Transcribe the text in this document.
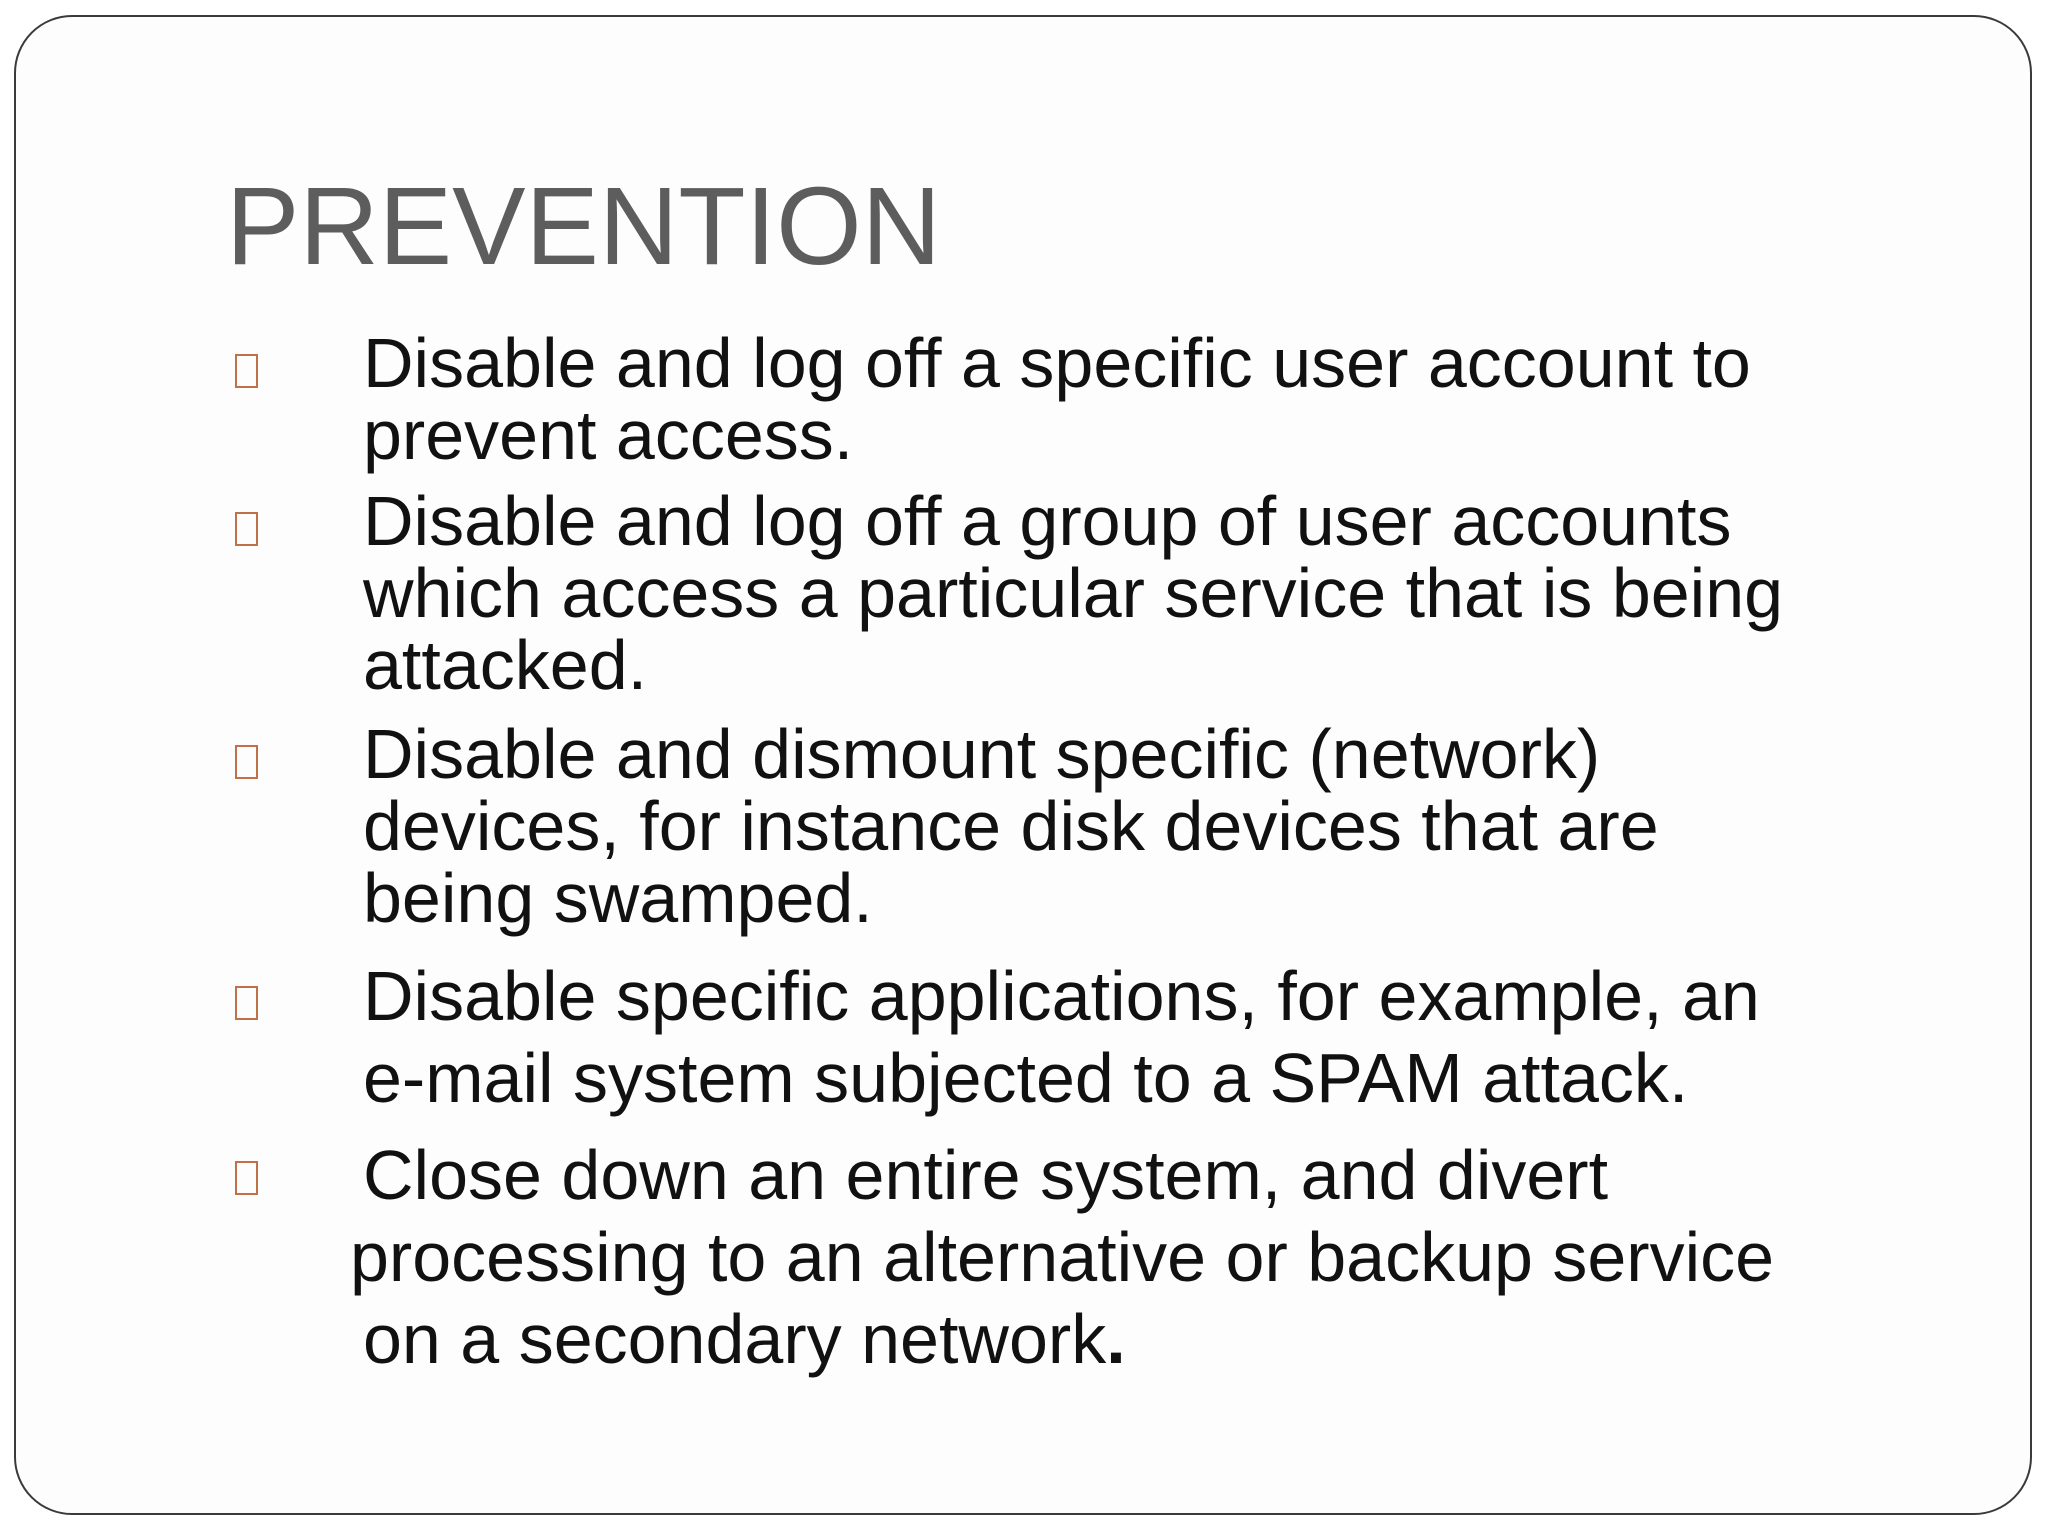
PREVENTION

Disable and log off a specific user account to
prevent access.

Disable and log off a group of user accounts
which access a particular service that is being
attacked.

Disable and dismount specific (network)
devices, for instance disk devices that are
being swamped.

Disable specific applications, for example, an
e-mail system subjected to a SPAM attack.

Close down an entire system, and divert
processing to an alternative or backup service
on a secondary network.
